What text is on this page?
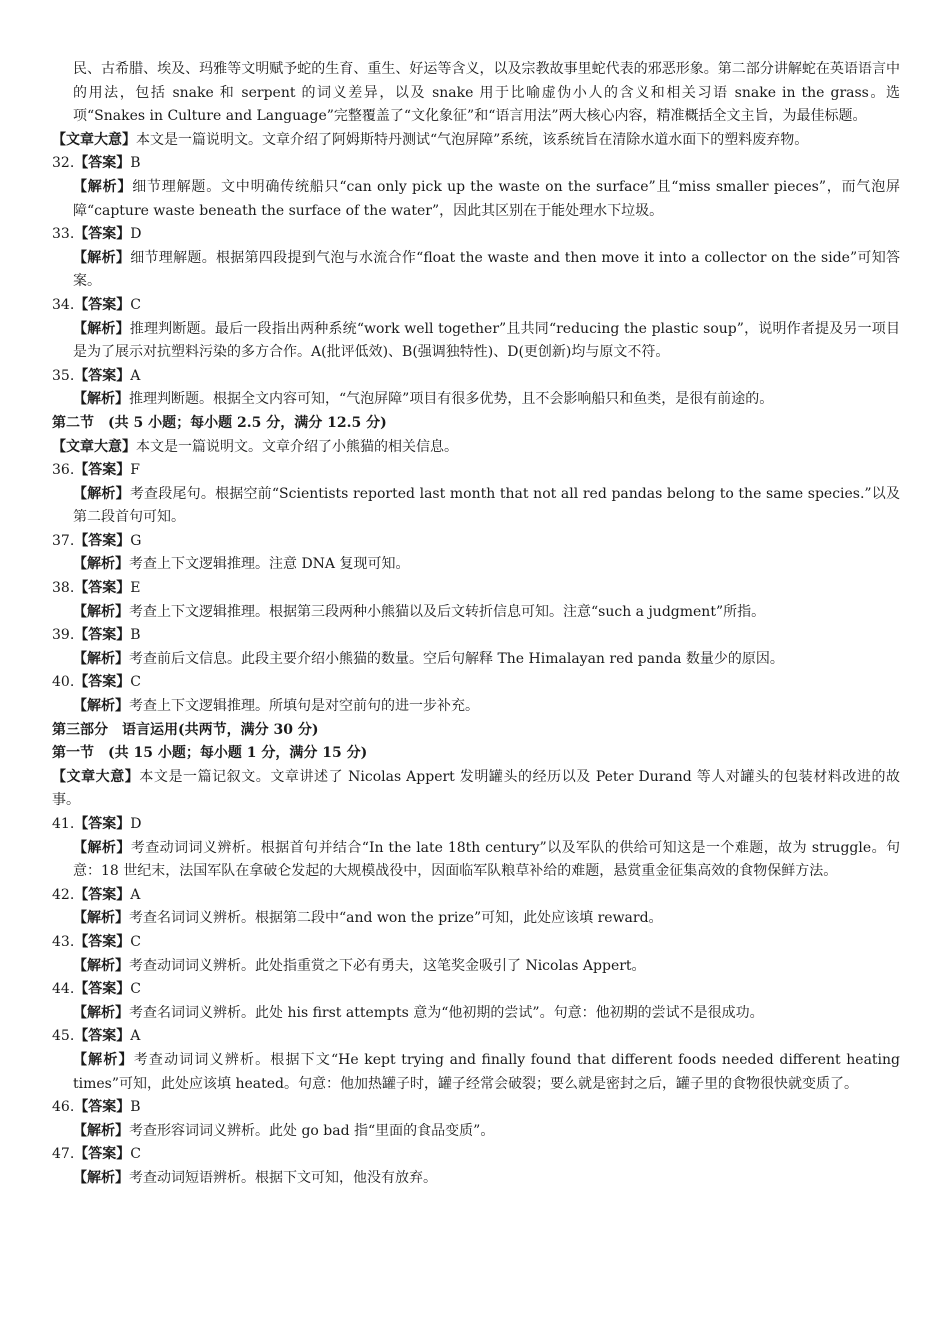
民、古希腊、埃及、玛雅等文明赋予蛇的生育、重生、好运等含义，以及宗教故事里蛇代表的邪恶形象。第二部分讲解蛇在英语语言中的用法，包括 snake 和 serpent 的词义差异，以及 snake 用于比喻虚伪小人的含义和相关习语 snake in the grass。选项“Snakes in Culture and Language”完整覆盖了“文化象征”和“语言用法”两大核心内容，精准概括全文主旨，为最佳标题。

【文章大意】本文是一篇说明文。文章介绍了阿姆斯特丹测试“气泡屏障”系统，该系统旨在清除水道水面下的塑料废弃物。

32.【答案】B

【解析】细节理解题。文中明确传统船只“can only pick up the waste on the surface”且“miss smaller pieces”，而气泡屏障“capture waste beneath the surface of the water”，因此其区别在于能处理水下垃圾。

33.【答案】D

【解析】细节理解题。根据第四段提到气泡与水流合作“float the waste and then move it into a collector on the side”可知答案。

34.【答案】C

【解析】推理判断题。最后一段指出两种系统“work well together”且共同“reducing the plastic soup”，说明作者提及另一项目是为了展示对抗塑料污染的多方合作。A(批评低效)、B(强调独特性)、D(更创新)均与原文不符。

35.【答案】A

【解析】推理判断题。根据全文内容可知，“气泡屏障”项目有很多优势，且不会影响船只和鱼类，是很有前途的。

第二节　(共 5 小题；每小题 2.5 分，满分 12.5 分)

【文章大意】本文是一篇说明文。文章介绍了小熊猫的相关信息。

36.【答案】F

【解析】考查段尾句。根据空前“Scientists reported last month that not all red pandas belong to the same species.”以及第二段首句可知。

37.【答案】G

【解析】考查上下文逻辑推理。注意 DNA 复现可知。

38.【答案】E

【解析】考查上下文逻辑推理。根据第三段两种小熊猫以及后文转折信息可知。注意“such a judgment”所指。

39.【答案】B

【解析】考查前后文信息。此段主要介绍小熊猫的数量。空后句解释 The Himalayan red panda 数量少的原因。

40.【答案】C

【解析】考查上下文逻辑推理。所填句是对空前句的进一步补充。

第三部分　语言运用(共两节，满分 30 分)

第一节　(共 15 小题；每小题 1 分，满分 15 分)

【文章大意】本文是一篇记叙文。文章讲述了 Nicolas Appert 发明罐头的经历以及 Peter Durand 等人对罐头的包装材料改进的故事。

41.【答案】D

【解析】考查动词词义辨析。根据首句并结合“In the late 18th century”以及军队的供给可知这是一个难题，故为 struggle。句意：18 世纪末，法国军队在拿破仑发起的大规模战役中，因面临军队粮草补给的难题，悬赏重金征集高效的食物保鲜方法。

42.【答案】A

【解析】考查名词词义辨析。根据第二段中“and won the prize”可知，此处应该填 reward。

43.【答案】C

【解析】考查动词词义辨析。此处指重赏之下必有勇夫，这笔奖金吸引了 Nicolas Appert。

44.【答案】C

【解析】考查名词词义辨析。此处 his first attempts 意为“他初期的尝试”。句意：他初期的尝试不是很成功。

45.【答案】A

【解析】考查动词词义辨析。根据下文“He kept trying and finally found that different foods needed different heating times”可知，此处应该填 heated。句意：他加热罐子时，罐子经常会破裂；要么就是密封之后，罐子里的食物很快就变质了。

46.【答案】B

【解析】考查形容词词义辨析。此处 go bad 指“里面的食品变质”。

47.【答案】C

【解析】考查动词短语辨析。根据下文可知，他没有放弃。
